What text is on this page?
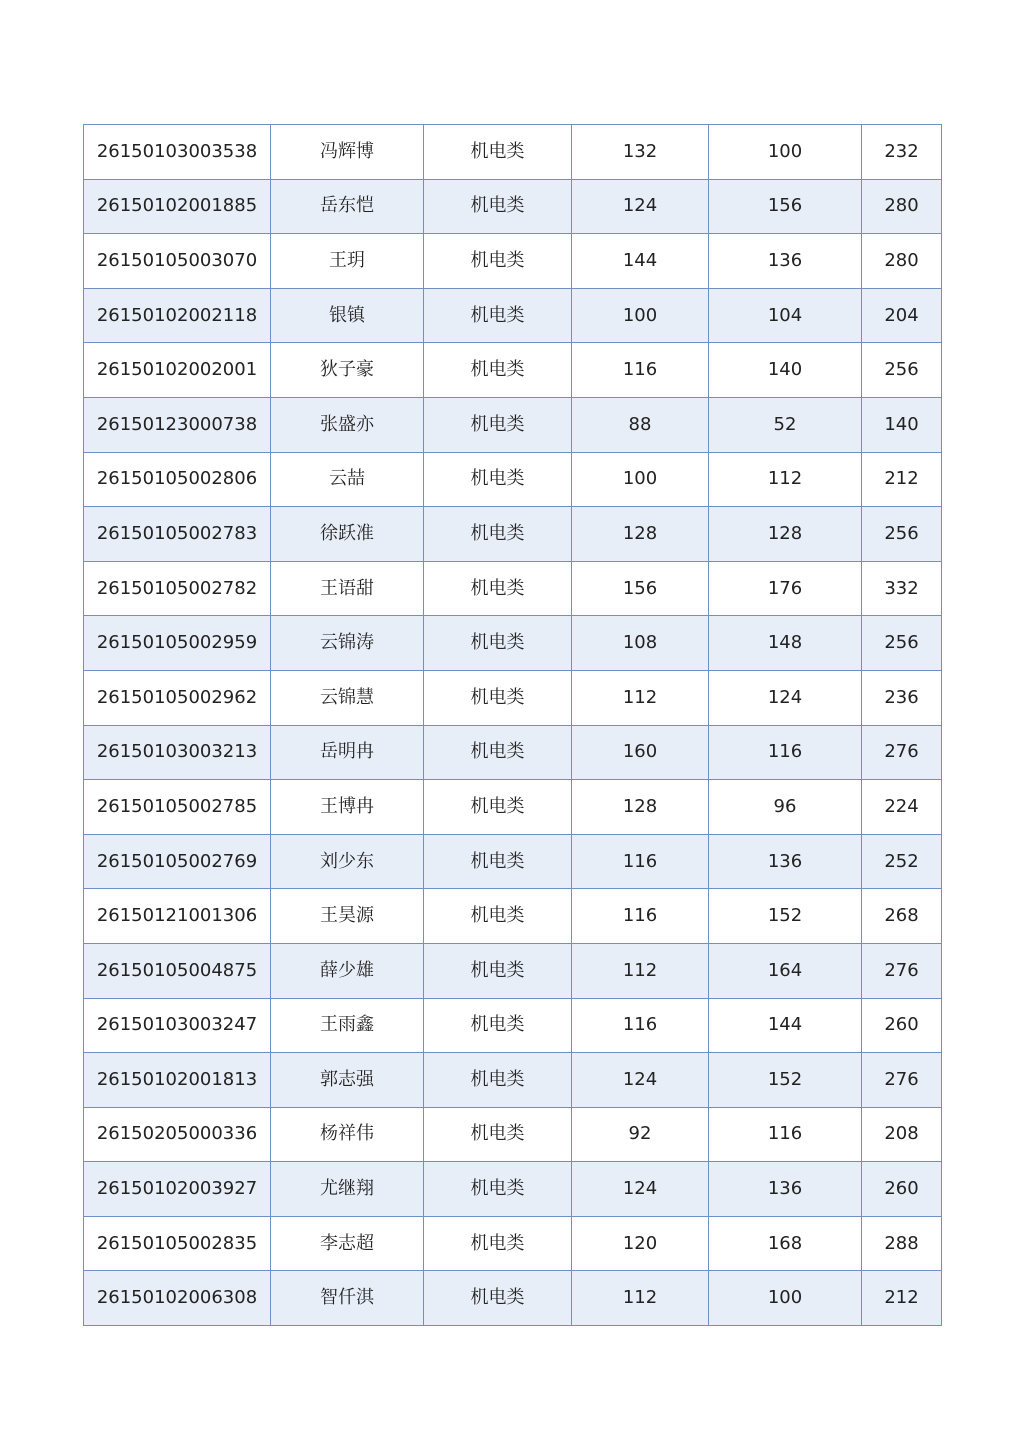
26150103003538	冯辉博	机电类	132	100	232
26150102001885	岳东恺	机电类	124	156	280
26150105003070	王玥	机电类	144	136	280
26150102002118	银镇	机电类	100	104	204
26150102002001	狄子豪	机电类	116	140	256
26150123000738	张盛亦	机电类	88	52	140
26150105002806	云喆	机电类	100	112	212
26150105002783	徐跃准	机电类	128	128	256
26150105002782	王语甜	机电类	156	176	332
26150105002959	云锦涛	机电类	108	148	256
26150105002962	云锦慧	机电类	112	124	236
26150103003213	岳明冉	机电类	160	116	276
26150105002785	王博冉	机电类	128	96	224
26150105002769	刘少东	机电类	116	136	252
26150121001306	王昊源	机电类	116	152	268
26150105004875	薛少雄	机电类	112	164	276
26150103003247	王雨鑫	机电类	116	144	260
26150102001813	郭志强	机电类	124	152	276
26150205000336	杨祥伟	机电类	92	116	208
26150102003927	尤继翔	机电类	124	136	260
26150105002835	李志超	机电类	120	168	288
26150102006308	智仟淇	机电类	112	100	212
